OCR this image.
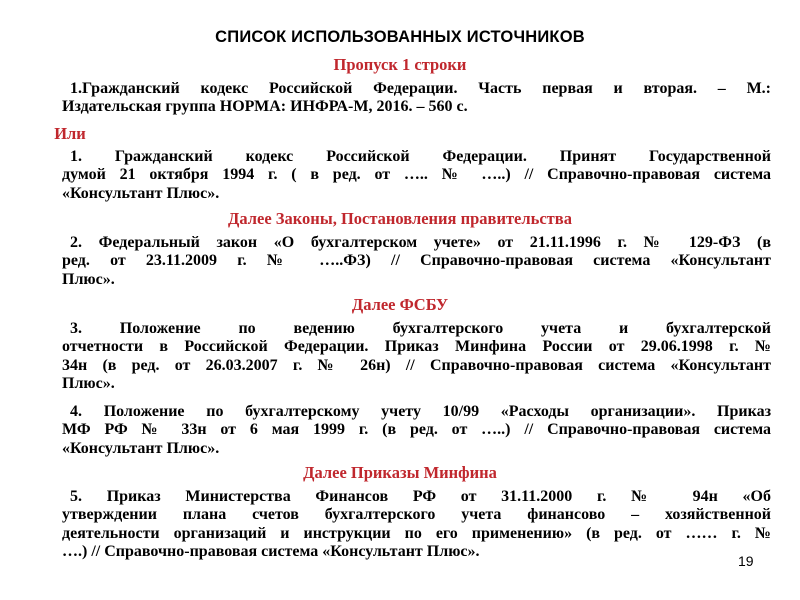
СПИСОК ИСПОЛЬЗОВАННЫХ ИСТОЧНИКОВ
Пропуск 1 строки
1.Гражданский кодекс Российской Федерации. Часть первая и вторая. – М.:
Издательская группа НОРМА: ИНФРА-М, 2016. – 560 с.
Или
1. Гражданский кодекс Российской Федерации. Принят Государственной
думой 21 октября 1994 г. ( в ред. от ….. № …..) // Справочно-правовая система
«Консультант Плюс».
Далее Законы, Постановления правительства
2. Федеральный закон «О бухгалтерском учете» от 21.11.1996 г. № 129-ФЗ (в
ред. от 23.11.2009 г. № …..ФЗ) // Справочно-правовая система «Консультант
Плюс».
Далее ФСБУ
3. Положение по ведению бухгалтерского учета и бухгалтерской
отчетности в Российской Федерации. Приказ Минфина России от 29.06.1998 г. №
34н (в ред. от 26.03.2007 г. № 26н) // Справочно-правовая система «Консультант
Плюс».
4. Положение по бухгалтерскому учету 10/99 «Расходы организации». Приказ
МФ РФ № 33н от 6 мая 1999 г. (в ред. от …..) // Справочно-правовая система
«Консультант Плюс».
Далее Приказы Минфина
5. Приказ Министерства Финансов РФ от 31.11.2000 г. № 94н «Об
утверждении плана счетов бухгалтерского учета финансово – хозяйственной
деятельности организаций и инструкции по его применению» (в ред. от …… г. №
….) // Справочно-правовая система «Консультант Плюс».
19
